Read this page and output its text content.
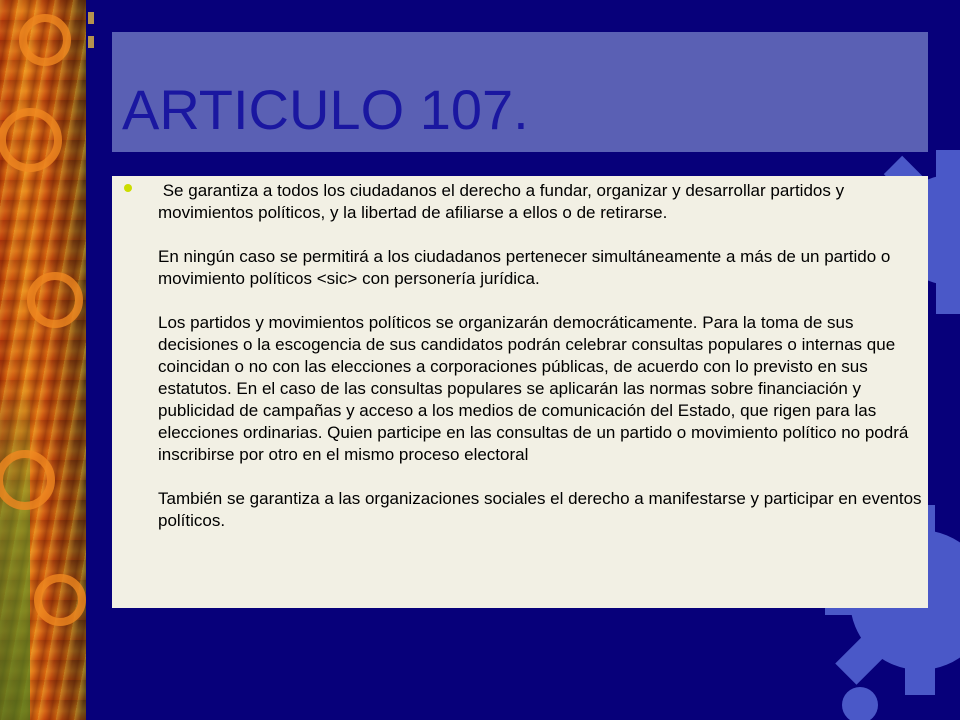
ARTICULO 107.

Se garantiza a todos los ciudadanos el derecho a fundar, organizar y desarrollar partidos y movimientos políticos, y la libertad de afiliarse a ellos o de retirarse.

En ningún caso se permitirá a los ciudadanos pertenecer simultáneamente a más de un partido o movimiento políticos <sic> con personería jurídica.

Los partidos y movimientos políticos se organizarán democráticamente. Para la toma de sus decisiones o la escogencia de sus candidatos podrán celebrar consultas populares o internas que coincidan o no con las elecciones a corporaciones públicas, de acuerdo con lo previsto en sus estatutos. En el caso de las consultas populares se aplicarán las normas sobre financiación y publicidad de campañas y acceso a los medios de comunicación del Estado, que rigen para las elecciones ordinarias. Quien participe en las consultas de un partido o movimiento político no podrá inscribirse por otro en el mismo proceso electoral

También se garantiza a las organizaciones sociales el derecho a manifestarse y participar en eventos políticos.
